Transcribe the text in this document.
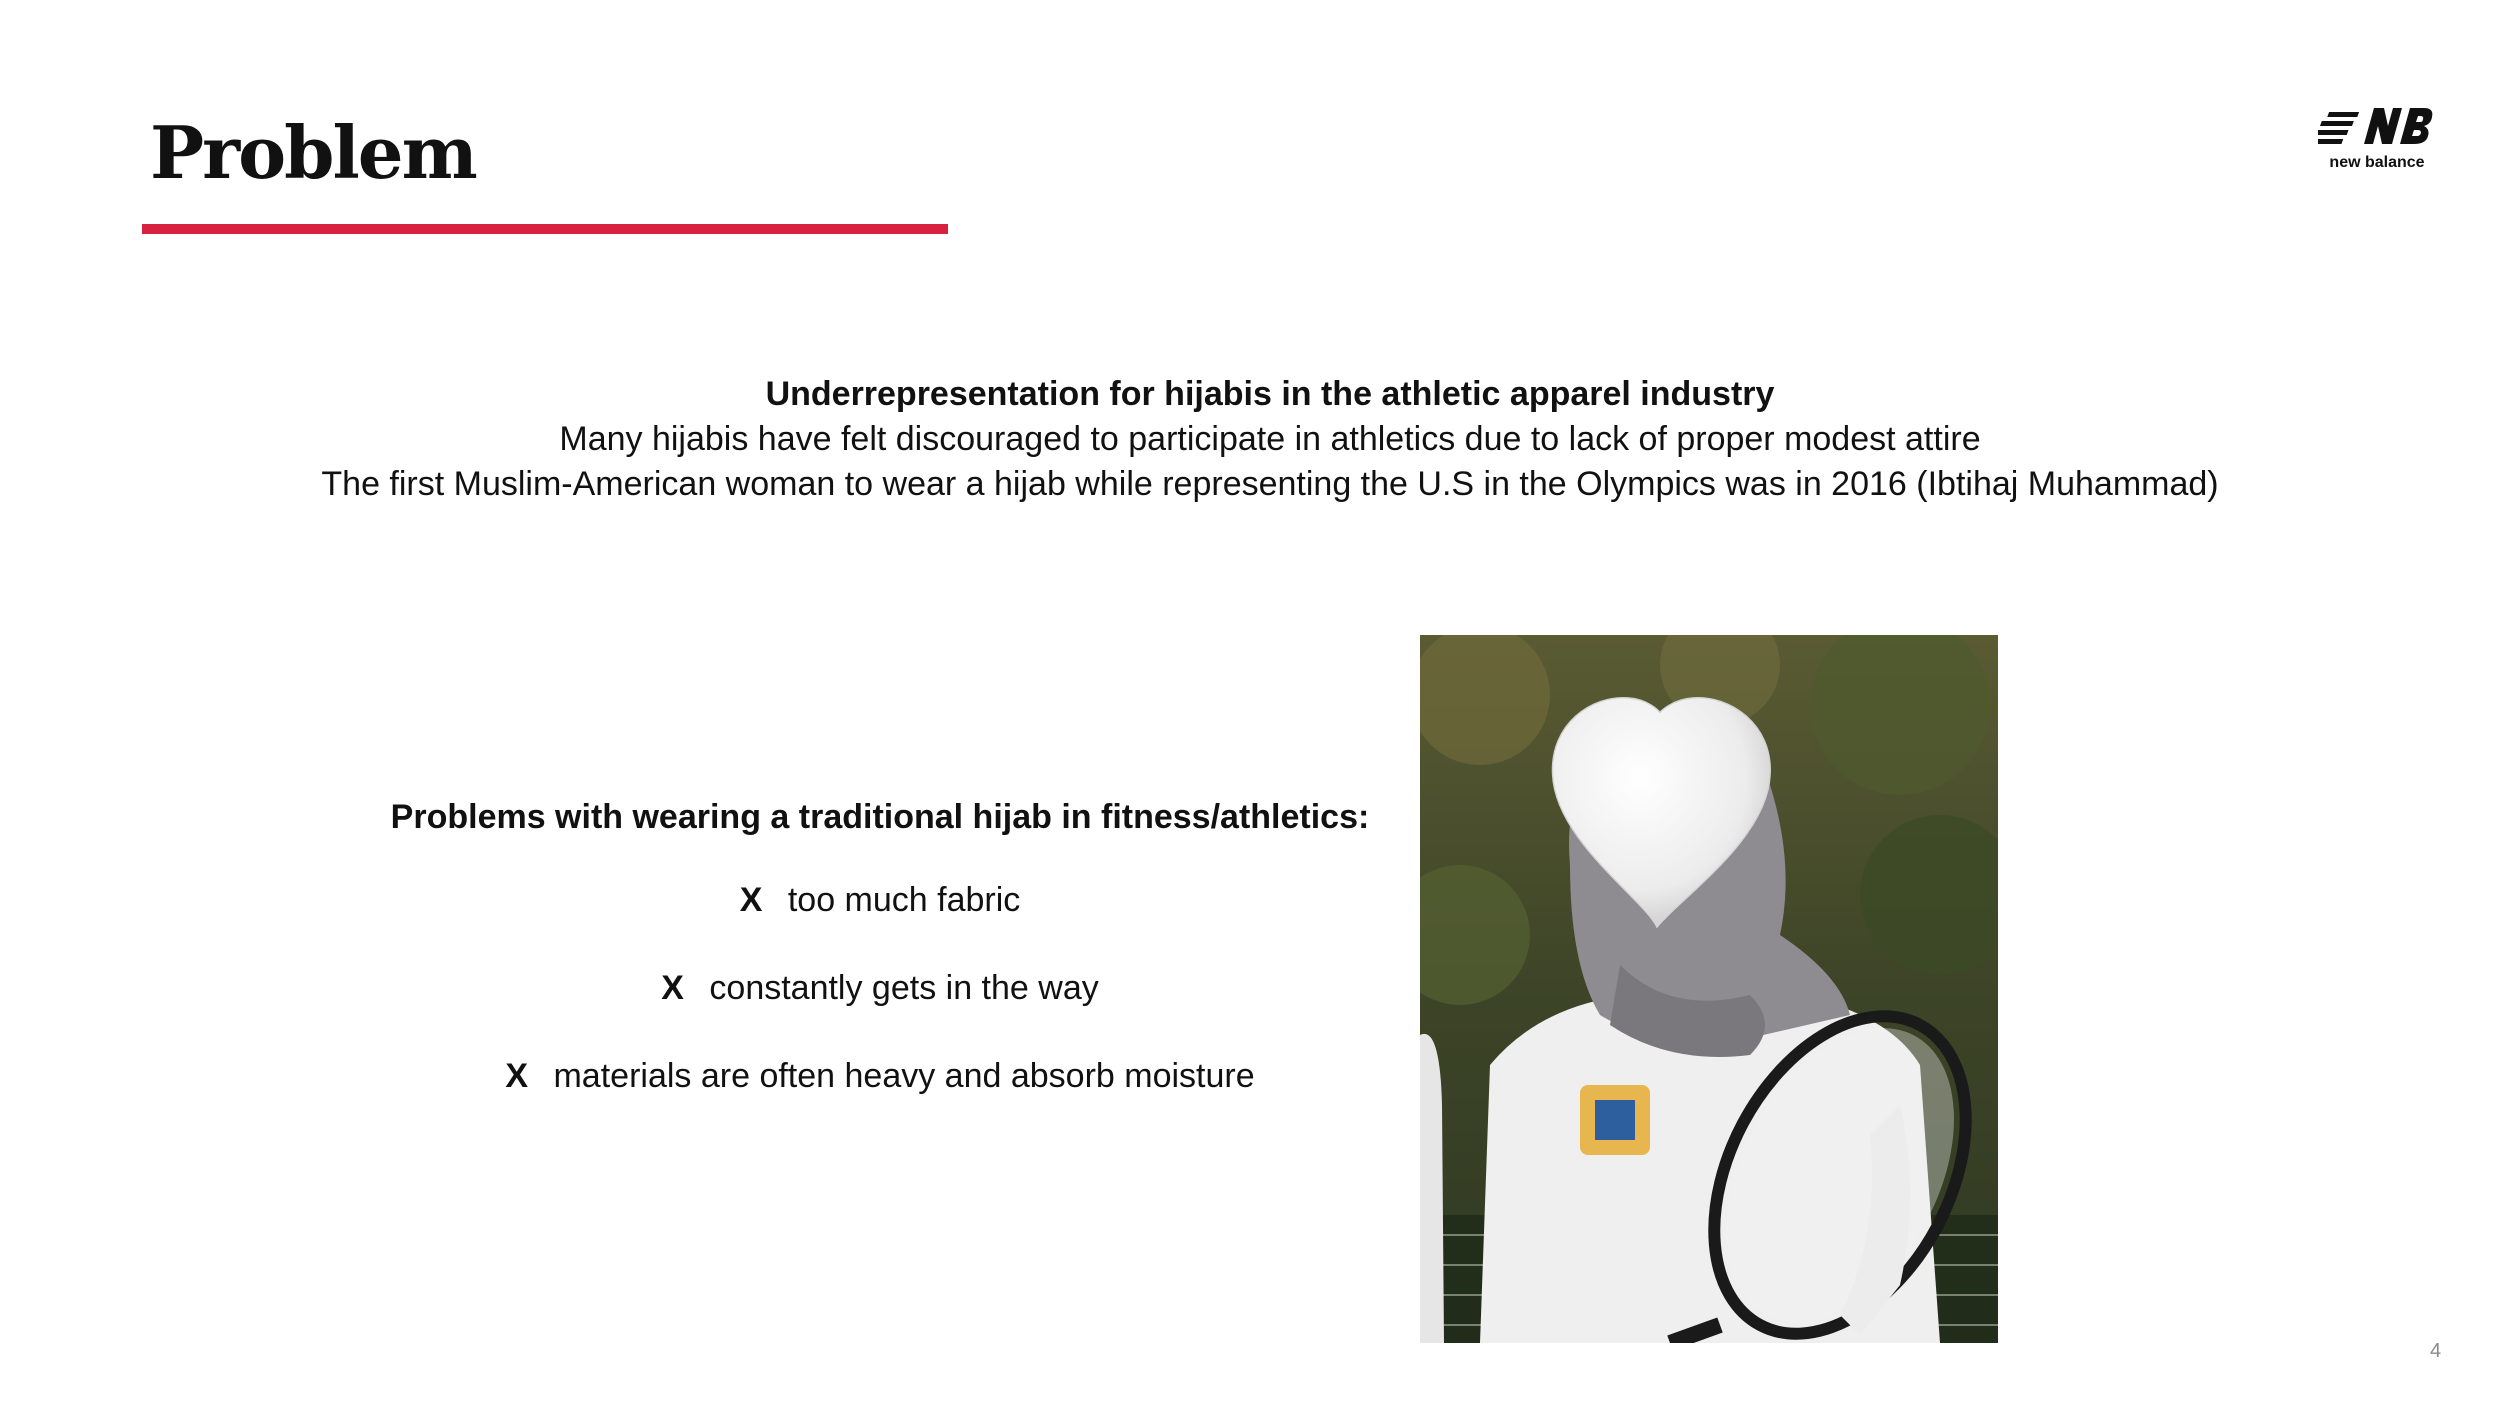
Problem	new balance
Underrepresentation for hijabis in the athletic apparel industry
Many hijabis have felt discouraged to participate in athletics due to lack of proper modest attire
The first Muslim-American woman to wear a hijab while representing the U.S in the Olympics was in 2016 (Ibtihaj Muhammad)
Problems with wearing a traditional hijab in fitness/athletics:
X too much fabric
X constantly gets in the way
X materials are often heavy and absorb moisture
4
